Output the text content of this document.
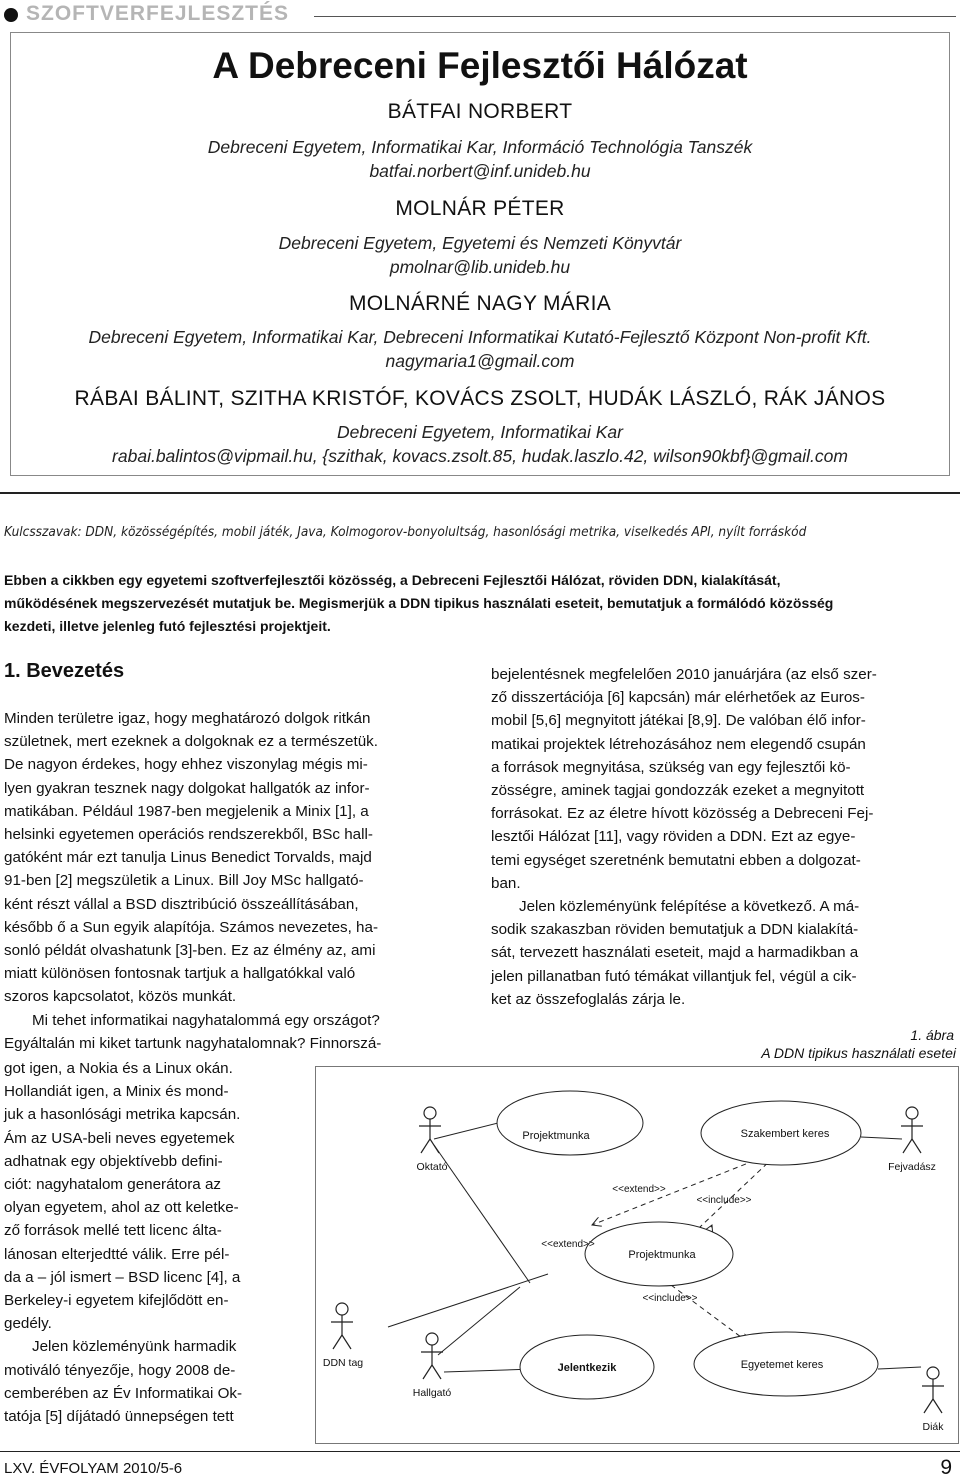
SZOFTVERFEJLESZTÉS
A Debreceni Fejlesztői Hálózat
BÁTFAI NORBERT
Debreceni Egyetem, Informatikai Kar, Információ Technológia Tanszék
batfai.norbert@inf.unideb.hu
MOLNÁR PÉTER
Debreceni Egyetem, Egyetemi és Nemzeti Könyvtár
pmolnar@lib.unideb.hu
MOLNÁRNÉ NAGY MÁRIA
Debreceni Egyetem, Informatikai Kar, Debreceni Informatikai Kutató-Fejlesztő Központ Non-profit Kft.
nagymaria1@gmail.com
RÁBAI BÁLINT, SZITHA KRISTÓF, KOVÁCS ZSOLT, HUDÁK LÁSZLÓ, RÁK JÁNOS
Debreceni Egyetem, Informatikai Kar
rabai.balintos@vipmail.hu, {szithak, kovacs.zsolt.85, hudak.laszlo.42, wilson90kbf}@gmail.com
Kulcsszavak: DDN, közösségépítés, mobil játék, Java, Kolmogorov-bonyolultság, hasonlósági metrika, viselkedés API, nyílt forráskód
Ebben a cikkben egy egyetemi szoftverfejlesztői közösség, a Debreceni Fejlesztői Hálózat, röviden DDN, kialakítását,
működésének megszervezését mutatjuk be. Megismerjük a DDN tipikus használati eseteit, bemutatjuk a formálódó közösség
kezdeti, illetve jelenleg futó fejlesztési projektjeit.
1. Bevezetés
Minden területre igaz, hogy meghatározó dolgok ritkán
születnek, mert ezeknek a dolgoknak ez a természetük.
De nagyon érdekes, hogy ehhez viszonylag mégis mi-
lyen gyakran tesznek nagy dolgokat hallgatók az infor-
matikában. Például 1987-ben megjelenik a Minix [1], a
helsinki egyetemen operációs rendszerekből, BSc hall-
gatóként már ezt tanulja Linus Benedict Torvalds, majd
91-ben [2] megszületik a Linux. Bill Joy MSc hallgató-
ként részt vállal a BSD disztribúció összeállításában,
később ő a Sun egyik alapítója. Számos nevezetes, ha-
sonló példát olvashatunk [3]-ben. Ez az élmény az, ami
miatt különösen fontosnak tartjuk a hallgatókkal való
szoros kapcsolatot, közös munkát.
Mi tehet informatikai nagyhatalommá egy országot?
Egyáltalán mi kiket tartunk nagyhatalomnak? Finnorszá-
got igen, a Nokia és a Linux okán.
Hollandiát igen, a Minix és mond-
juk a hasonlósági metrika kapcsán.
Ám az USA-beli neves egyetemek
adhatnak egy objektívebb defini-
ciót: nagyhatalom generátora az
olyan egyetem, ahol az ott keletke-
ző források mellé tett licenc álta-
lánosan elterjedtté válik. Erre pél-
da a – jól ismert – BSD licenc [4], a
Berkeley-i egyetem kifejlődött en-
gedély.
Jelen közleményünk harmadik
motiváló tényezője, hogy 2008 de-
cemberében az Év Informatikai Ok-
tatója [5] díjátadó ünnepségen tett
bejelentésnek megfelelően 2010 januárjára (az első szer-
ző disszertációja [6] kapcsán) már elérhetőek az Euros-
mobil [5,6] megnyitott játékai [8,9]. De valóban élő infor-
matikai projektek létrehozásához nem elegendő csupán
a források megnyitása, szükség van egy fejlesztői kö-
zösségre, aminek tagjai gondozzák ezeket a megnyitott
forrásokat. Ez az életre hívott közösség a Debreceni Fej-
lesztői Hálózat [11], vagy röviden a DDN. Ezt az egye-
temi egységet szeretnénk bemutatni ebben a dolgozat-
ban.
Jelen közleményünk felépítése a következő. A má-
sodik szakaszban röviden bemutatjuk a DDN kialakítá-
sát, tervezett használati eseteit, majd a harmadikban a
jelen pillanatban futó témákat villantjuk fel, végül a cik-
ket az összefoglalás zárja le.
1. ábra
A DDN tipikus használati esetei
Projektmunka	Szakembert keres
Projektmunka
Jelentkezik	Egyetemet keres
<<extend>>
<<include>>
<<extend>>
<<include>>
Oktató	Fejvadász
DDN tag
Hallgató
Diák
LXV. ÉVFOLYAM 2010/5-6	9
